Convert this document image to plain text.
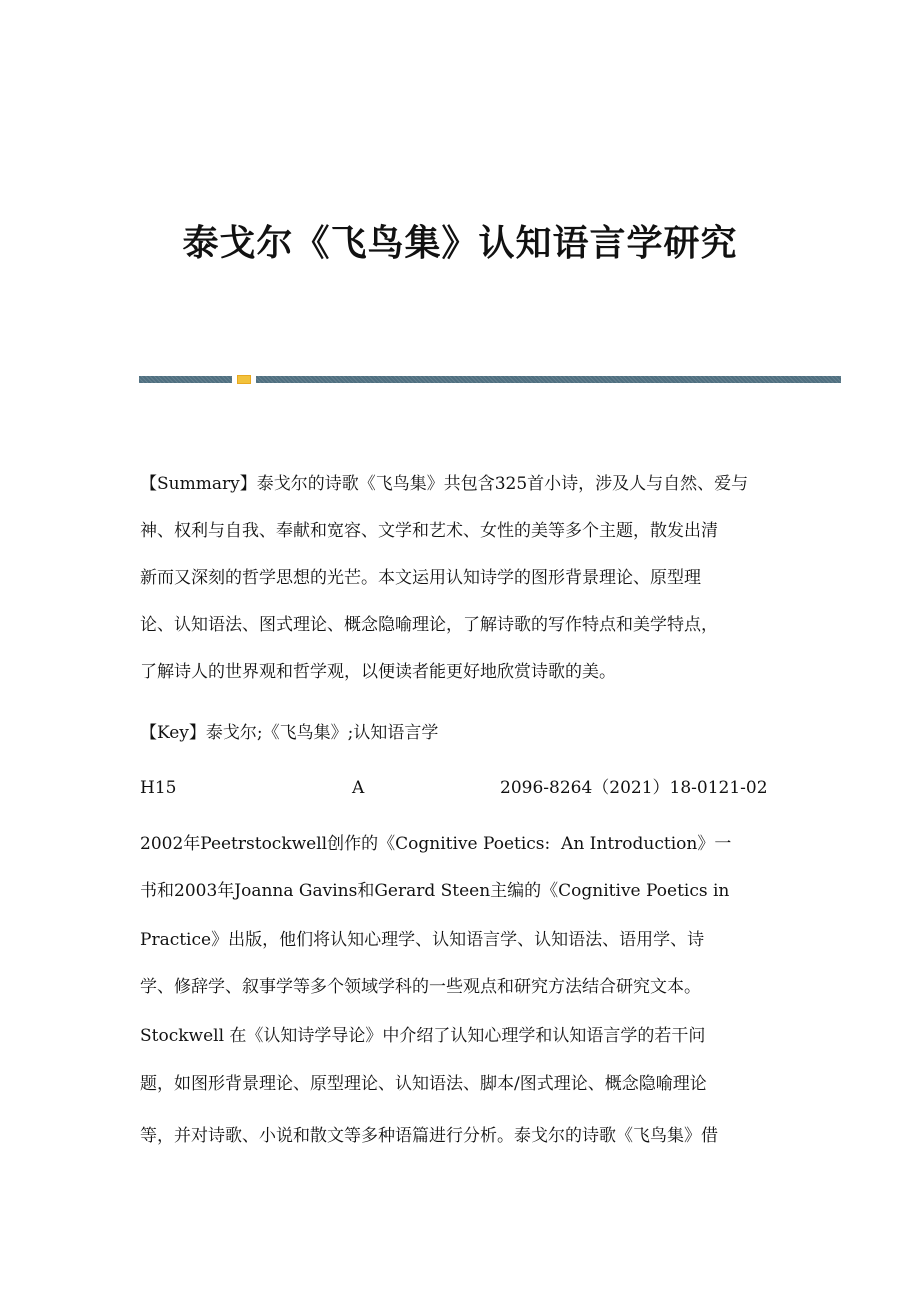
泰戈尔《飞鸟集》认知语言学研究
【Summary】泰戈尔的诗歌《飞鸟集》共包含325首小诗，涉及人与自然、爱与
神、权利与自我、奉献和宽容、文学和艺术、女性的美等多个主题，散发出清
新而又深刻的哲学思想的光芒。本文运用认知诗学的图形背景理论、原型理
论、认知语法、图式理论、概念隐喻理论，了解诗歌的写作特点和美学特点，
了解诗人的世界观和哲学观，以便读者能更好地欣赏诗歌的美。
【Key】泰戈尔;《飞鸟集》;认知语言学

H15

	A

	2096-8264（2021）18-0121-02

2002年Peetrstockwell创作的《Cognitive Poetics:  An Introduction》一
书和2003年Joanna Gavins和Gerard Steen主编的《Cognitive Poetics in
Practice》出版，他们将认知心理学、认知语言学、认知语法、语用学、诗
学、修辞学、叙事学等多个领域学科的一些观点和研究方法结合研究文本。
Stockwell 在《认知诗学导论》中介绍了认知心理学和认知语言学的若干问
题，如图形背景理论、原型理论、认知语法、脚本/图式理论、概念隐喻理论
等，并对诗歌、小说和散文等多种语篇进行分析。泰戈尔的诗歌《飞鸟集》借
